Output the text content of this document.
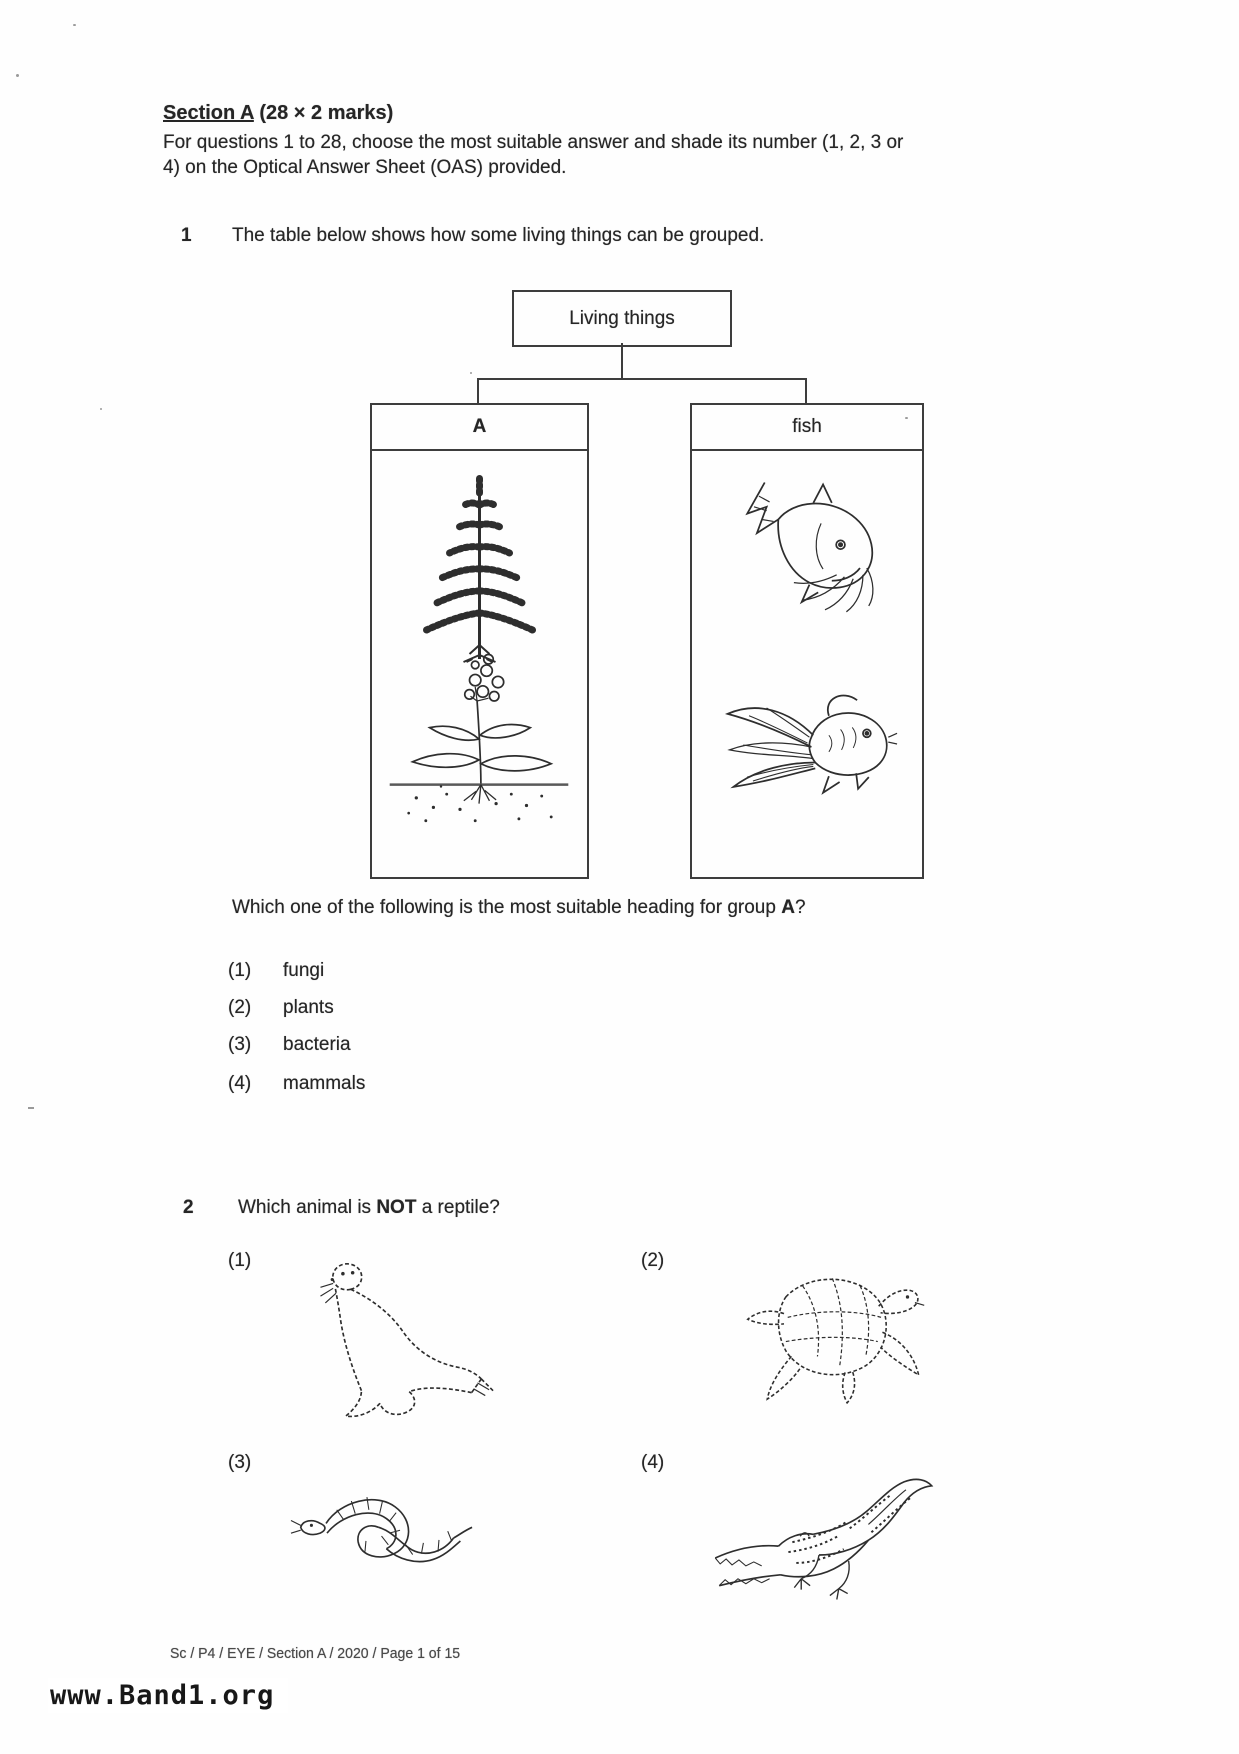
Section A (28 × 2 marks)
For questions 1 to 28, choose the most suitable answer and shade its number (1, 2, 3 or
4) on the Optical Answer Sheet (OAS) provided.
1 The table below shows how some living things can be grouped.
Living things
A	fish
Which one of the following is the most suitable heading for group A?
(1) fungi
(2) plants
(3) bacteria
(4) mammals
2 Which animal is NOT a reptile?
(1)	(2)
(3)	(4)
Sc / P4 / EYE / Section A / 2020 / Page 1 of 15
www.Band1.org
